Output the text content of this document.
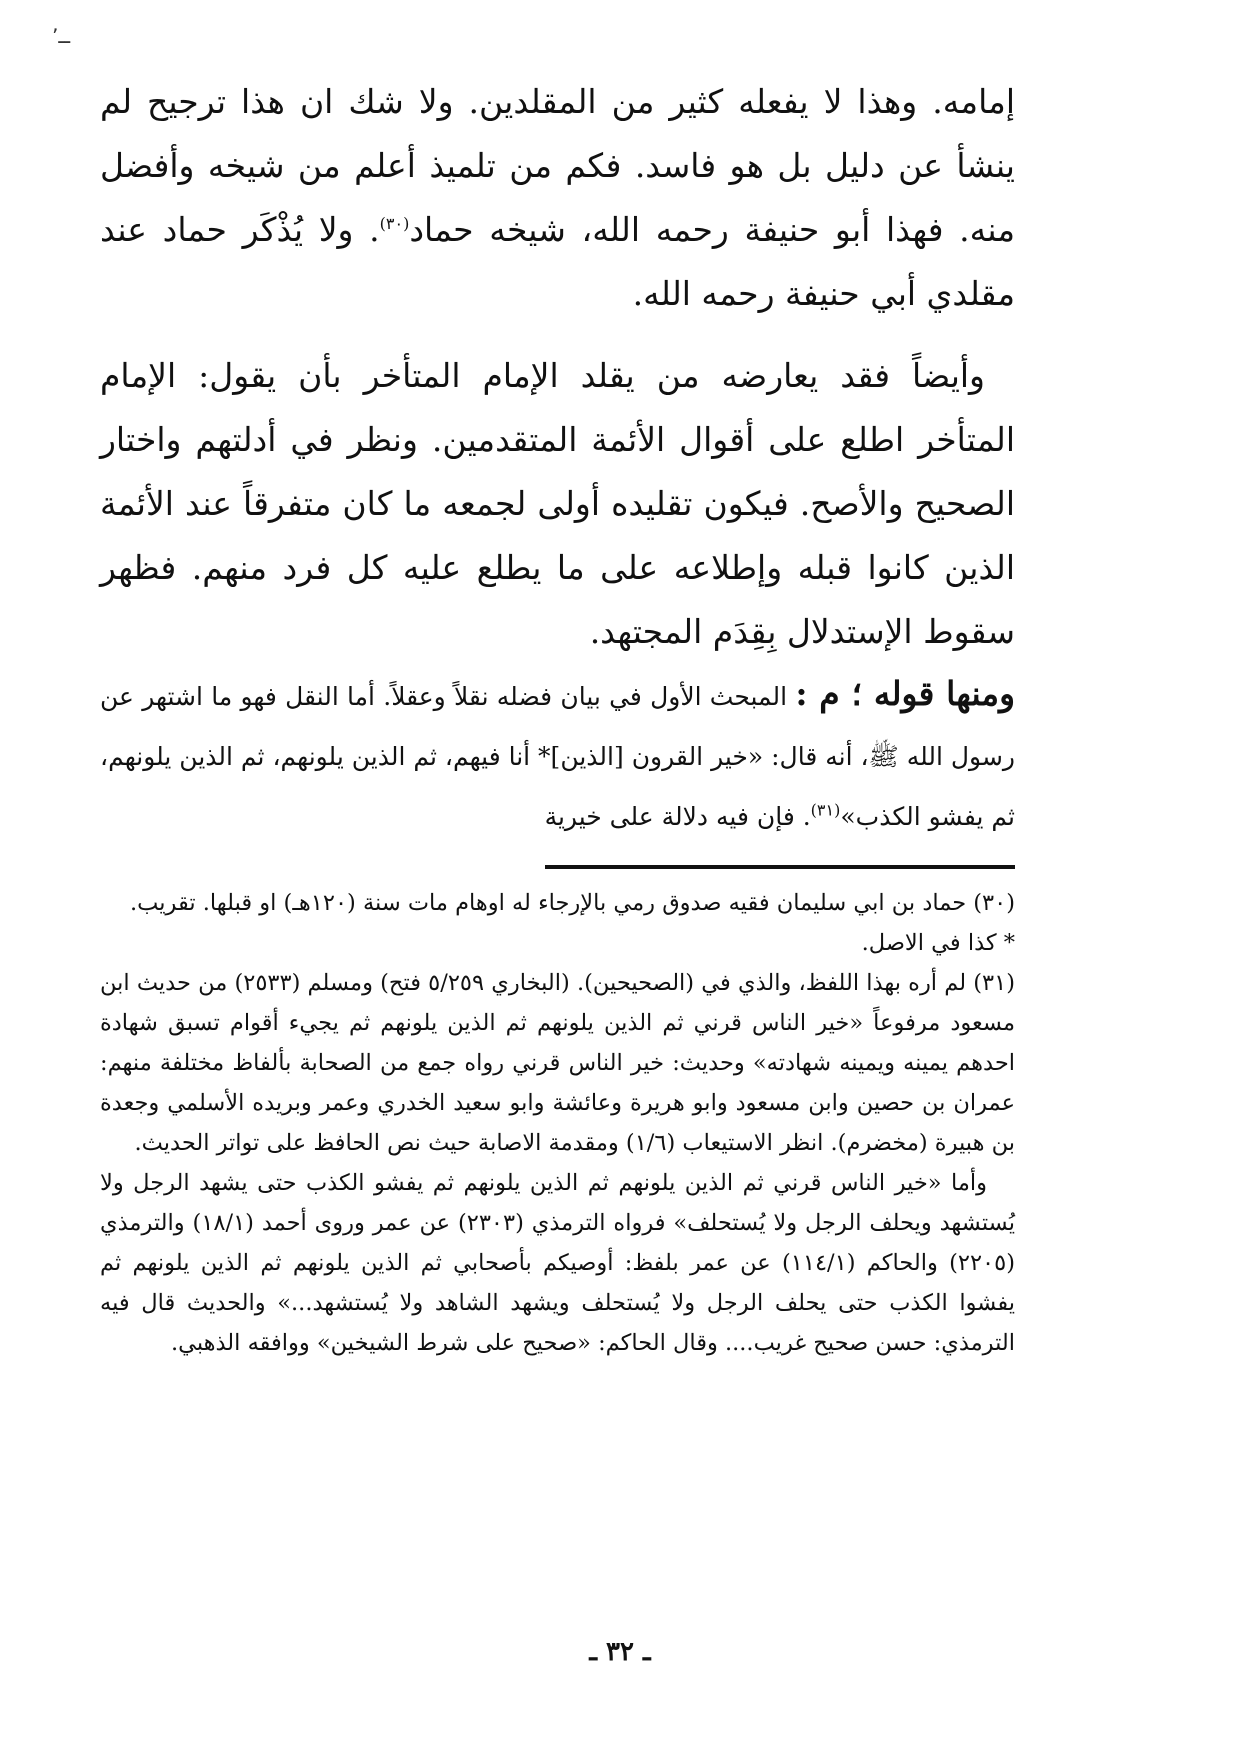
ــ٬

إمامه. وهذا لا يفعله كثير من المقلدين. ولا شك ان هذا ترجيح لم ينشأ عن دليل بل هو فاسد. فكم من تلميذ أعلم من شيخه وأفضل منه. فهذا أبو حنيفة رحمه الله، شيخه حماد$^{(٣٠)}$. ولا يُذْكَر حماد عند مقلدي أبي حنيفة رحمه الله.

وأيضاً فقد يعارضه من يقلد الإمام المتأخر بأن يقول: الإمام المتأخر اطلع على أقوال الأئمة المتقدمين. ونظر في أدلتهم واختار الصحيح والأصح. فيكون تقليده أولى لجمعه ما كان متفرقاً عند الأئمة الذين كانوا قبله وإطلاعه على ما يطلع عليه كل فرد منهم. فظهر سقوط الإستدلال بِقِدَم المجتهد.

ومنها قوله ؛ م : المبحث الأول في بيان فضله نقلاً وعقلاً. أما النقل فهو ما اشتهر عن رسول الله ﷺ، أنه قال: «خير القرون [الذين]* أنا فيهم، ثم الذين يلونهم، ثم الذين يلونهم، ثم يفشو الكذب»$^{(٣١)}$. فإن فيه دلالة على خيرية

(٣٠) حماد بن ابي سليمان فقيه صدوق رمي بالإرجاء له اوهام مات سنة (١٢٠هـ) او قبلها. تقريب.

* كذا في الاصل.

(٣١) لم أره بهذا اللفظ، والذي في (الصحيحين). (البخاري ٥/٢٥٩ فتح) ومسلم (٢٥٣٣) من حديث ابن مسعود مرفوعاً «خير الناس قرني ثم الذين يلونهم ثم الذين يلونهم ثم يجيء أقوام تسبق شهادة احدهم يمينه ويمينه شهادته» وحديث: خير الناس قرني رواه جمع من الصحابة بألفاظ مختلفة منهم: عمران بن حصين وابن مسعود وابو هريرة وعائشة وابو سعيد الخدري وعمر وبريده الأسلمي وجعدة بن هبيرة (مخضرم). انظر الاستيعاب (١/٦) ومقدمة الاصابة حيث نص الحافظ على تواتر الحديث.

وأما «خير الناس قرني ثم الذين يلونهم ثم الذين يلونهم ثم يفشو الكذب حتى يشهد الرجل ولا يُستشهد ويحلف الرجل ولا يُستحلف» فرواه الترمذي (٢٣٠٣) عن عمر وروى أحمد (١٨/١) والترمذي (٢٢٠٥) والحاكم (١١٤/١) عن عمر بلفظ: أوصيكم بأصحابي ثم الذين يلونهم ثم الذين يلونهم ثم يفشوا الكذب حتى يحلف الرجل ولا يُستحلف ويشهد الشاهد ولا يُستشهد...» والحديث قال فيه الترمذي: حسن صحيح غريب.... وقال الحاكم: «صحيح على شرط الشيخين» ووافقه الذهبي.

ـ ٣٢ ـ
